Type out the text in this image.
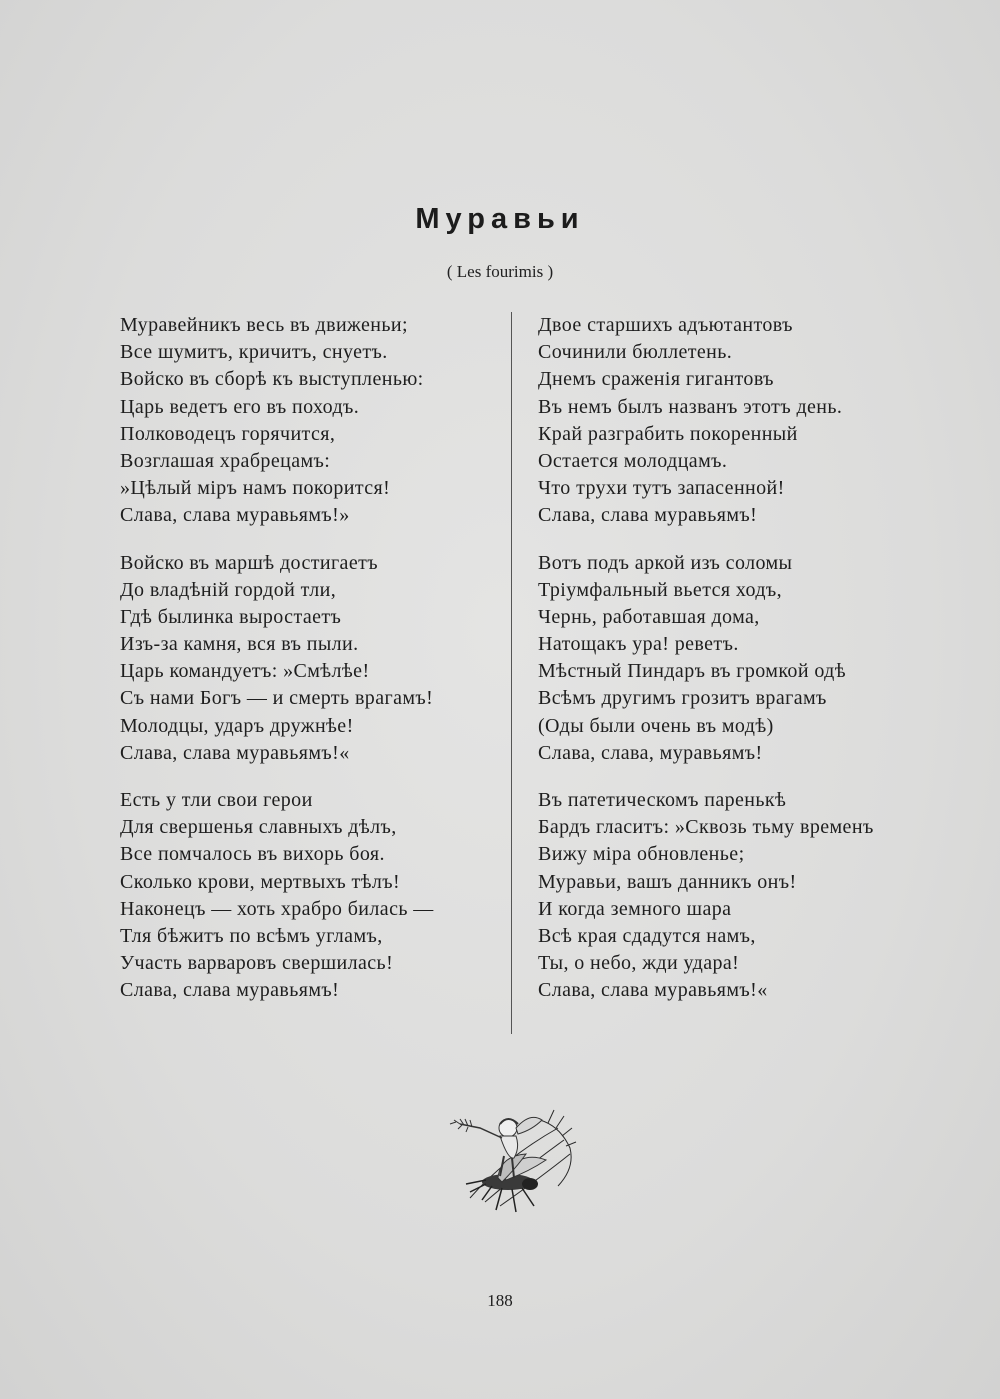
Муравьи
( Les fourimis )
Муравейникъ весь въ движеньи;
Все шумитъ, кричитъ, снуетъ.
Войско въ сборѣ къ выступленью:
Царь ведетъ его въ походъ.
Полководецъ горячится,
Возглашая храбрецамъ:
»Цѣлый міръ намъ покорится!
Слава, слава муравьямъ!»
Войско въ маршѣ достигаетъ
До владѣній гордой тли,
Гдѣ былинка выростаетъ
Изъ-за камня, вся въ пыли.
Царь командуетъ: »Смѣлѣе!
Съ нами Богъ — и смерть врагамъ!
Молодцы, ударъ дружнѣе!
Слава, слава муравьямъ!«
Есть у тли свои герои
Для свершенья славныхъ дѣлъ,
Все помчалось въ вихорь боя.
Сколько крови, мертвыхъ тѣлъ!
Наконецъ — хоть храбро билась —
Тля бѣжитъ по всѣмъ угламъ,
Участь варваровъ свершилась!
Слава, слава муравьямъ!
Двое старшихъ адъютантовъ
Сочинили бюллетень.
Днемъ сраженія гигантовъ
Въ немъ былъ названъ этотъ день.
Край разграбить покоренный
Остается молодцамъ.
Что трухи тутъ запасенной!
Слава, слава муравьямъ!
Вотъ подъ аркой изъ соломы
Тріумфальный вьется ходъ,
Чернь, работавшая дома,
Натощакъ ура! реветъ.
Мѣстный Пиндаръ въ громкой одѣ
Всѣмъ другимъ грозитъ врагамъ
(Оды были очень въ модѣ)
Слава, слава, муравьямъ!
Въ патетическомъ паренькѣ
Бардъ гласитъ: »Сквозь тьму временъ
Вижу міра обновленье;
Муравьи, вашъ данникъ онъ!
И когда земного шара
Всѣ края сдадутся намъ,
Ты, о небо, жди удара!
Слава, слава муравьямъ!«
188
